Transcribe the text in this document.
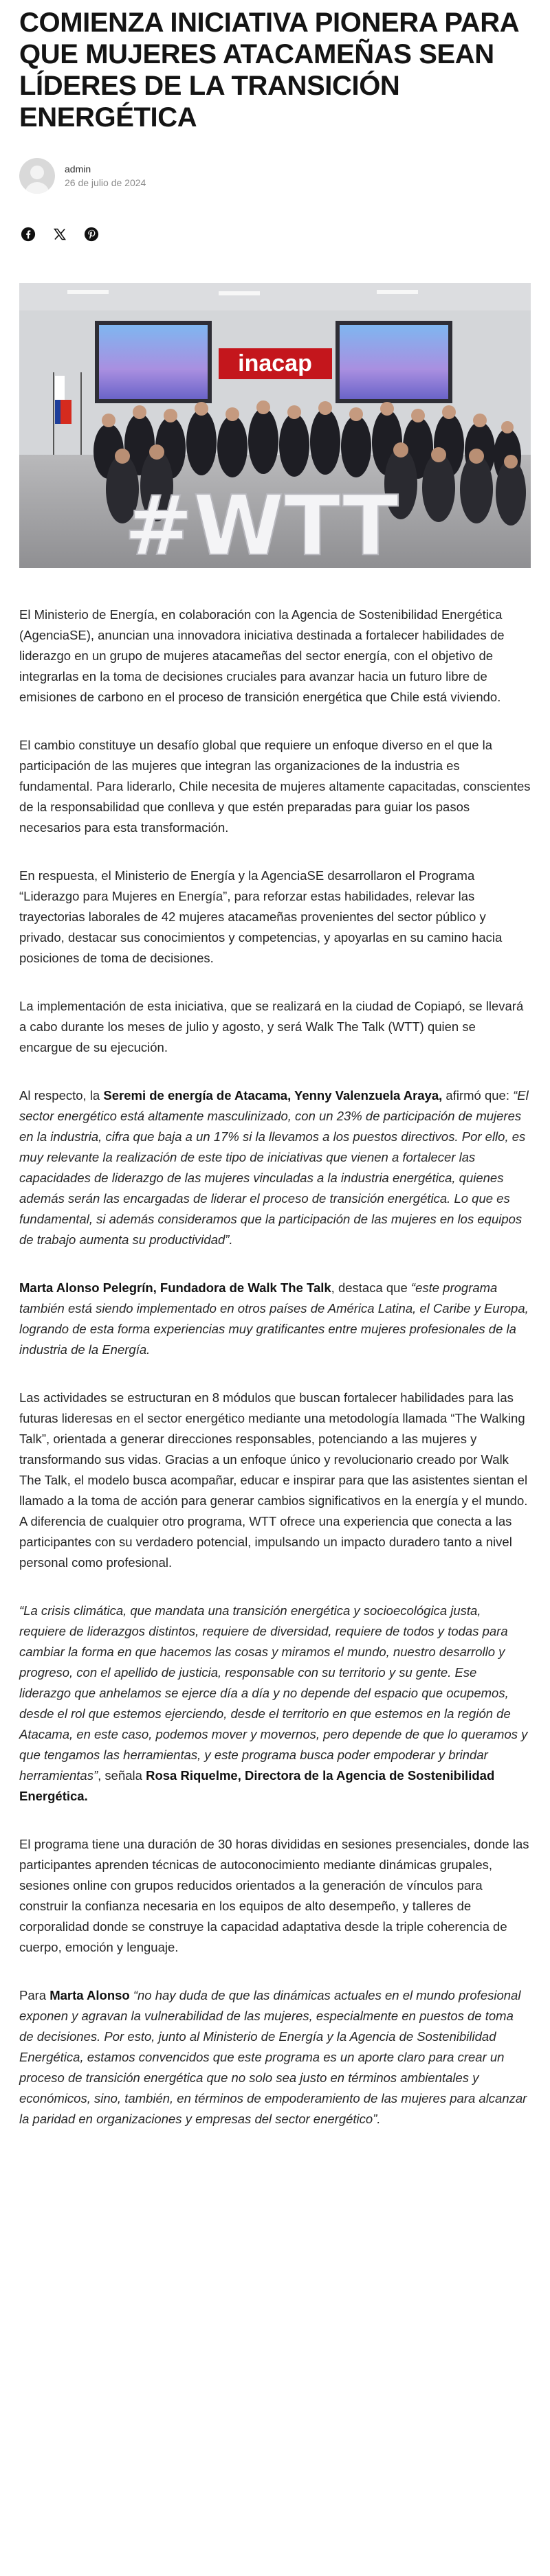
COMIENZA INICIATIVA PIONERA PARA QUE MUJERES ATACAMEÑAS SEAN LÍDERES DE LA TRANSICIÓN ENERGÉTICA
admin
26 de julio de 2024
inacap
#WTT

El Ministerio de Energía, en colaboración con la Agencia de Sostenibilidad Energética (AgenciaSE), anuncian una innovadora iniciativa destinada a fortalecer habilidades de liderazgo en un grupo de mujeres atacameñas del sector energía, con el objetivo de integrarlas en la toma de decisiones cruciales para avanzar hacia un futuro libre de emisiones de carbono en el proceso de transición energética que Chile está viviendo.

El cambio constituye un desafío global que requiere un enfoque diverso en el que la participación de las mujeres que integran las organizaciones de la industria es fundamental. Para liderarlo, Chile necesita de mujeres altamente capacitadas, conscientes de la responsabilidad que conlleva y que estén preparadas para guiar los pasos necesarios para esta transformación.

En respuesta, el Ministerio de Energía y la AgenciaSE desarrollaron el Programa “Liderazgo para Mujeres en Energía”, para reforzar estas habilidades, relevar las trayectorias laborales de 42 mujeres atacameñas provenientes del sector público y privado, destacar sus conocimientos y competencias, y apoyarlas en su camino hacia posiciones de toma de decisiones.

La implementación de esta iniciativa, que se realizará en la ciudad de Copiapó, se llevará a cabo durante los meses de julio y agosto, y será Walk The Talk (WTT) quien se encargue de su ejecución.

Al respecto, la Seremi de energía de Atacama, Yenny Valenzuela Araya, afirmó que: “El sector energético está altamente masculinizado, con un 23% de participación de mujeres en la industria, cifra que baja a un 17% si la llevamos a los puestos directivos. Por ello, es muy relevante la realización de este tipo de iniciativas que vienen a fortalecer las capacidades de liderazgo de las mujeres vinculadas a la industria energética, quienes además serán las encargadas de liderar el proceso de transición energética. Lo que es fundamental, si además consideramos que la participación de las mujeres en los equipos de trabajo aumenta su productividad”.

Marta Alonso Pelegrín, Fundadora de Walk The Talk, destaca que “este programa también está siendo implementado en otros países de América Latina, el Caribe y Europa, logrando de esta forma experiencias muy gratificantes entre mujeres profesionales de la industria de la Energía.

Las actividades se estructuran en 8 módulos que buscan fortalecer habilidades para las futuras lideresas en el sector energético mediante una metodología llamada “The Walking Talk”, orientada a generar direcciones responsables, potenciando a las mujeres y transformando sus vidas. Gracias a un enfoque único y revolucionario creado por Walk The Talk, el modelo busca acompañar, educar e inspirar para que las asistentes sientan el llamado a la toma de acción para generar cambios significativos en la energía y el mundo. A diferencia de cualquier otro programa, WTT ofrece una experiencia que conecta a las participantes con su verdadero potencial, impulsando un impacto duradero tanto a nivel personal como profesional.

“La crisis climática, que mandata una transición energética y socioecológica justa, requiere de liderazgos distintos, requiere de diversidad, requiere de todos y todas para cambiar la forma en que hacemos las cosas y miramos el mundo, nuestro desarrollo y progreso, con el apellido de justicia, responsable con su territorio y su gente. Ese liderazgo que anhelamos se ejerce día a día y no depende del espacio que ocupemos, desde el rol que estemos ejerciendo, desde el territorio en que estemos en la región de Atacama, en este caso, podemos mover y movernos, pero depende de que lo queramos y que tengamos las herramientas, y este programa busca poder empoderar y brindar herramientas”, señala Rosa Riquelme, Directora de la Agencia de Sostenibilidad Energética.

El programa tiene una duración de 30 horas divididas en sesiones presenciales, donde las participantes aprenden técnicas de autoconocimiento mediante dinámicas grupales, sesiones online con grupos reducidos orientados a la generación de vínculos para construir la confianza necesaria en los equipos de alto desempeño, y talleres de corporalidad donde se construye la capacidad adaptativa desde la triple coherencia de cuerpo, emoción y lenguaje.

Para Marta Alonso “no hay duda de que las dinámicas actuales en el mundo profesional exponen y agravan la vulnerabilidad de las mujeres, especialmente en puestos de toma de decisiones. Por esto, junto al Ministerio de Energía y la Agencia de Sostenibilidad Energética, estamos convencidos que este programa es un aporte claro para crear un proceso de transición energética que no solo sea justo en términos ambientales y económicos, sino, también, en términos de empoderamiento de las mujeres para alcanzar la paridad en organizaciones y empresas del sector energético”.
